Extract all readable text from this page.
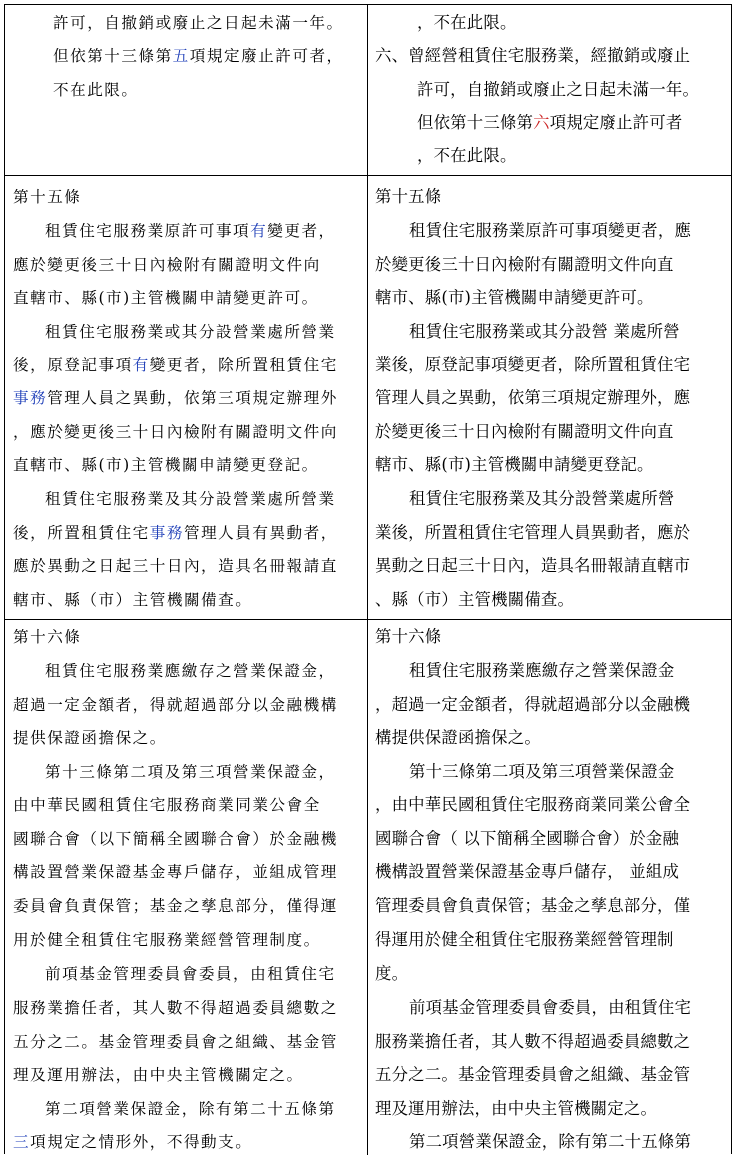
許可，自撤銷或廢止之日起未滿一年。
但依第十三條第五項規定廢止許可者，
不在此限。
第十五條
租賃住宅服務業原許可事項有變更者，
應於變更後三十日內檢附有關證明文件向
直轄市、縣(市)主管機關申請變更許可。
租賃住宅服務業或其分設營業處所營業
後，原登記事項有變更者，除所置租賃住宅
事務管理人員之異動，依第三項規定辦理外
，應於變更後三十日內檢附有關證明文件向
直轄市、縣(市)主管機關申請變更登記。
租賃住宅服務業及其分設營業處所營業
後，所置租賃住宅事務管理人員有異動者，
應於異動之日起三十日內，造具名冊報請直
轄市、縣（市）主管機關備查。
第十六條
租賃住宅服務業應繳存之營業保證金，
超過一定金額者，得就超過部分以金融機構
提供保證函擔保之。
第十三條第二項及第三項營業保證金，
由中華民國租賃住宅服務商業同業公會全
國聯合會（以下簡稱全國聯合會）於金融機
構設置營業保證基金專戶儲存，並組成管理
委員會負責保管；基金之孳息部分，僅得運
用於健全租賃住宅服務業經營管理制度。
前項基金管理委員會委員，由租賃住宅
服務業擔任者，其人數不得超過委員總數之
五分之二。基金管理委員會之組織、基金管
理及運用辦法，由中央主管機關定之。
第二項營業保證金，除有第二十五條第
三項規定之情形外，不得動支。
，不在此限。
六、曾經營租賃住宅服務業，經撤銷或廢止
許可，自撤銷或廢止之日起未滿一年。
但依第十三條第六項規定廢止許可者
，不在此限。
第十五條
租賃住宅服務業原許可事項變更者，應
於變更後三十日內檢附有關證明文件向直
轄市、縣(市)主管機關申請變更許可。
租賃住宅服務業或其分設營 業處所營
業後，原登記事項變更者，除所置租賃住宅
管理人員之異動，依第三項規定辦理外，應
於變更後三十日內檢附有關證明文件向直
轄市、縣(市)主管機關申請變更登記。
租賃住宅服務業及其分設營業處所營
業後，所置租賃住宅管理人員異動者，應於
異動之日起三十日內，造具名冊報請直轄市
、縣（市）主管機關備查。
第十六條
租賃住宅服務業應繳存之營業保證金
，超過一定金額者，得就超過部分以金融機
構提供保證函擔保之。
第十三條第二項及第三項營業保證金
，由中華民國租賃住宅服務商業同業公會全
國聯合會（ 以下簡稱全國聯合會）於金融
機構設置營業保證基金專戶儲存， 並組成
管理委員會負責保管；基金之孳息部分，僅
得運用於健全租賃住宅服務業經營管理制
度。
前項基金管理委員會委員，由租賃住宅
服務業擔任者，其人數不得超過委員總數之
五分之二。基金管理委員會之組織、基金管
理及運用辦法，由中央主管機關定之。
第二項營業保證金，除有第二十五條第
